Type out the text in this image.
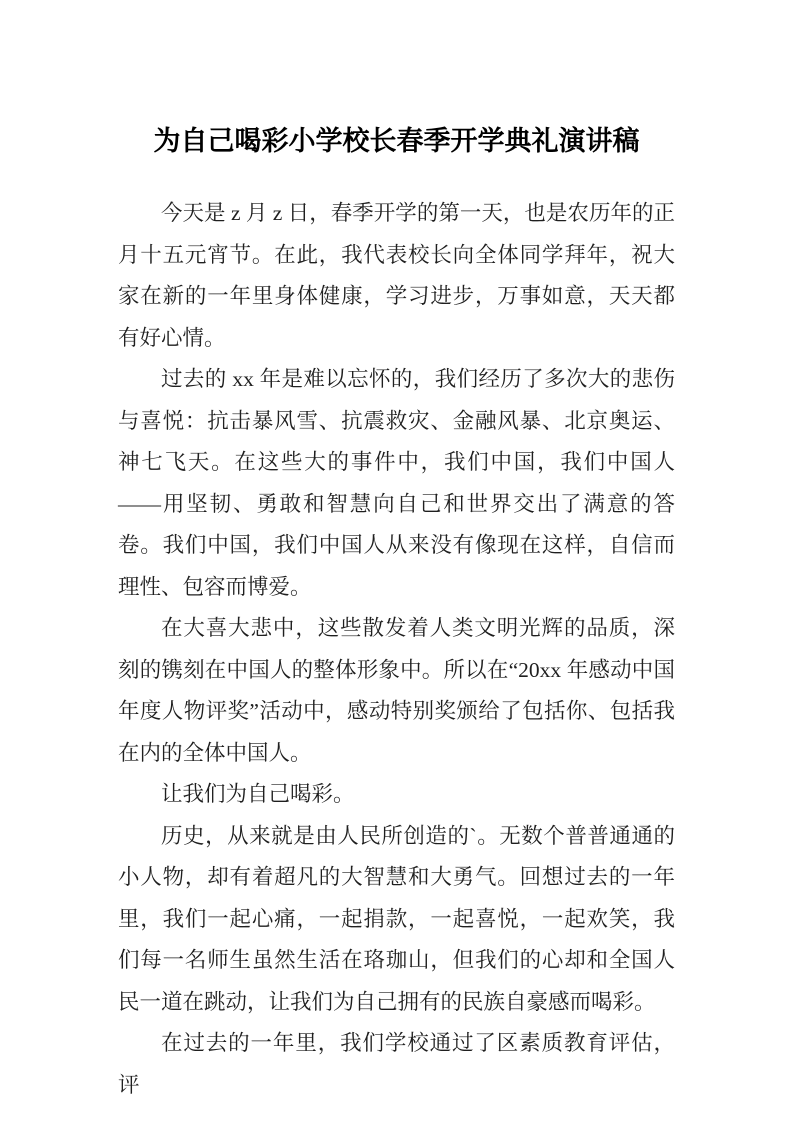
为自己喝彩小学校长春季开学典礼演讲稿

今天是 z 月 z 日，春季开学的第一天，也是农历年的正月十五元宵节。在此，我代表校长向全体同学拜年，祝大家在新的一年里身体健康，学习进步，万事如意，天天都有好心情。

过去的 xx 年是难以忘怀的，我们经历了多次大的悲伤与喜悦：抗击暴风雪、抗震救灾、金融风暴、北京奥运、神七飞天。在这些大的事件中，我们中国，我们中国人——用坚韧、勇敢和智慧向自己和世界交出了满意的答卷。我们中国，我们中国人从来没有像现在这样，自信而理性、包容而博爱。

在大喜大悲中，这些散发着人类文明光辉的品质，深刻的镌刻在中国人的整体形象中。所以在“20xx 年感动中国年度人物评奖”活动中，感动特别奖颁给了包括你、包括我在内的全体中国人。

让我们为自己喝彩。

历史，从来就是由人民所创造的`。无数个普普通通的小人物，却有着超凡的大智慧和大勇气。回想过去的一年里，我们一起心痛，一起捐款，一起喜悦，一起欢笑，我们每一名师生虽然生活在珞珈山，但我们的心却和全国人民一道在跳动，让我们为自己拥有的民族自豪感而喝彩。

在过去的一年里，我们学校通过了区素质教育评估，评
